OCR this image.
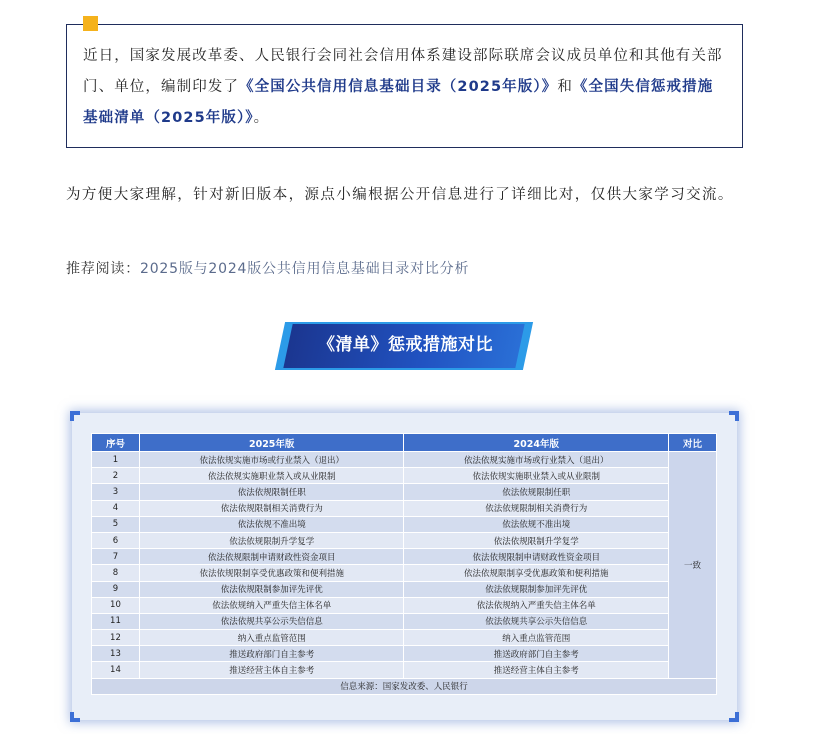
近日，国家发展改革委、人民银行会同社会信用体系建设部际联席会议成员单位和其他有关部门、单位，编制印发了《全国公共信用信息基础目录（2025年版）》和《全国失信惩戒措施基础清单（2025年版）》。
为方便大家理解，针对新旧版本，源点小编根据公开信息进行了详细比对，仅供大家学习交流。
推荐阅读：2025版与2024版公共信用信息基础目录对比分析
《清单》惩戒措施对比
序号	2025年版	2024年版	对比
1	依法依规实施市场或行业禁入（退出）	依法依规实施市场或行业禁入（退出）	一致
2	依法依规实施职业禁入或从业限制	依法依规实施职业禁入或从业限制	
3	依法依规限制任职	依法依规限制任职	
4	依法依规限制相关消费行为	依法依规限制相关消费行为	
5	依法依规不准出境	依法依规不准出境	
6	依法依规限制升学复学	依法依规限制升学复学	
7	依法依规限制申请财政性资金项目	依法依规限制申请财政性资金项目	
8	依法依规限制享受优惠政策和便利措施	依法依规限制享受优惠政策和便利措施	
9	依法依规限制参加评先评优	依法依规限制参加评先评优	
10	依法依规纳入严重失信主体名单	依法依规纳入严重失信主体名单	
11	依法依规共享公示失信信息	依法依规共享公示失信信息	
12	纳入重点监管范围	纳入重点监管范围	
13	推送政府部门自主参考	推送政府部门自主参考	
14	推送经营主体自主参考	推送经营主体自主参考	
信息来源：国家发改委、人民银行			
